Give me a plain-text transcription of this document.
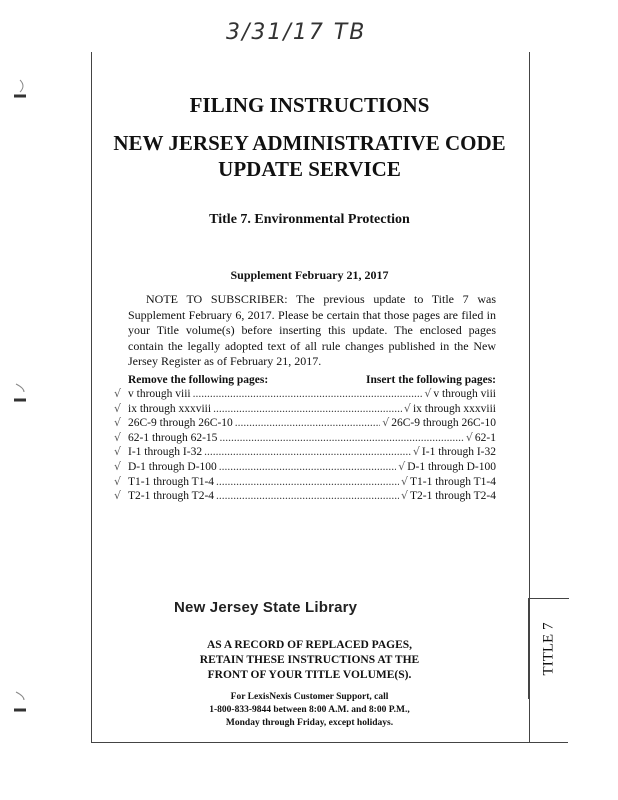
3/31/17 TB
FILING INSTRUCTIONS
NEW JERSEY ADMINISTRATIVE CODE
UPDATE SERVICE
Title 7. Environmental Protection
Supplement February 21, 2017
NOTE TO SUBSCRIBER: The previous update to Title 7 was Supplement February 6, 2017. Please be certain that those pages are filed in your Title volume(s) before inserting this update. The enclosed pages contain the legally adopted text of all rule changes published in the New Jersey Register as of February 21, 2017.
Remove the following pages:	Insert the following pages:
√ v through viii .....	√ v through viii
√ ix through xxxviii .....	√ ix through xxxviii
√ 26C-9 through 26C-10 .....	√ 26C-9 through 26C-10
√ 62-1 through 62-15 .....	√ 62-1
√ I-1 through I-32 .....	√ I-1 through I-32
√ D-1 through D-100 .....	√ D-1 through D-100
√ T1-1 through T1-4 .....	√ T1-1 through T1-4
√ T2-1 through T2-4 .....	√ T2-1 through T2-4
New Jersey State Library
AS A RECORD OF REPLACED PAGES,
RETAIN THESE INSTRUCTIONS AT THE
FRONT OF YOUR TITLE VOLUME(S).
For LexisNexis Customer Support, call
1-800-833-9844 between 8:00 A.M. and 8:00 P.M.,
Monday through Friday, except holidays.
TITLE 7
